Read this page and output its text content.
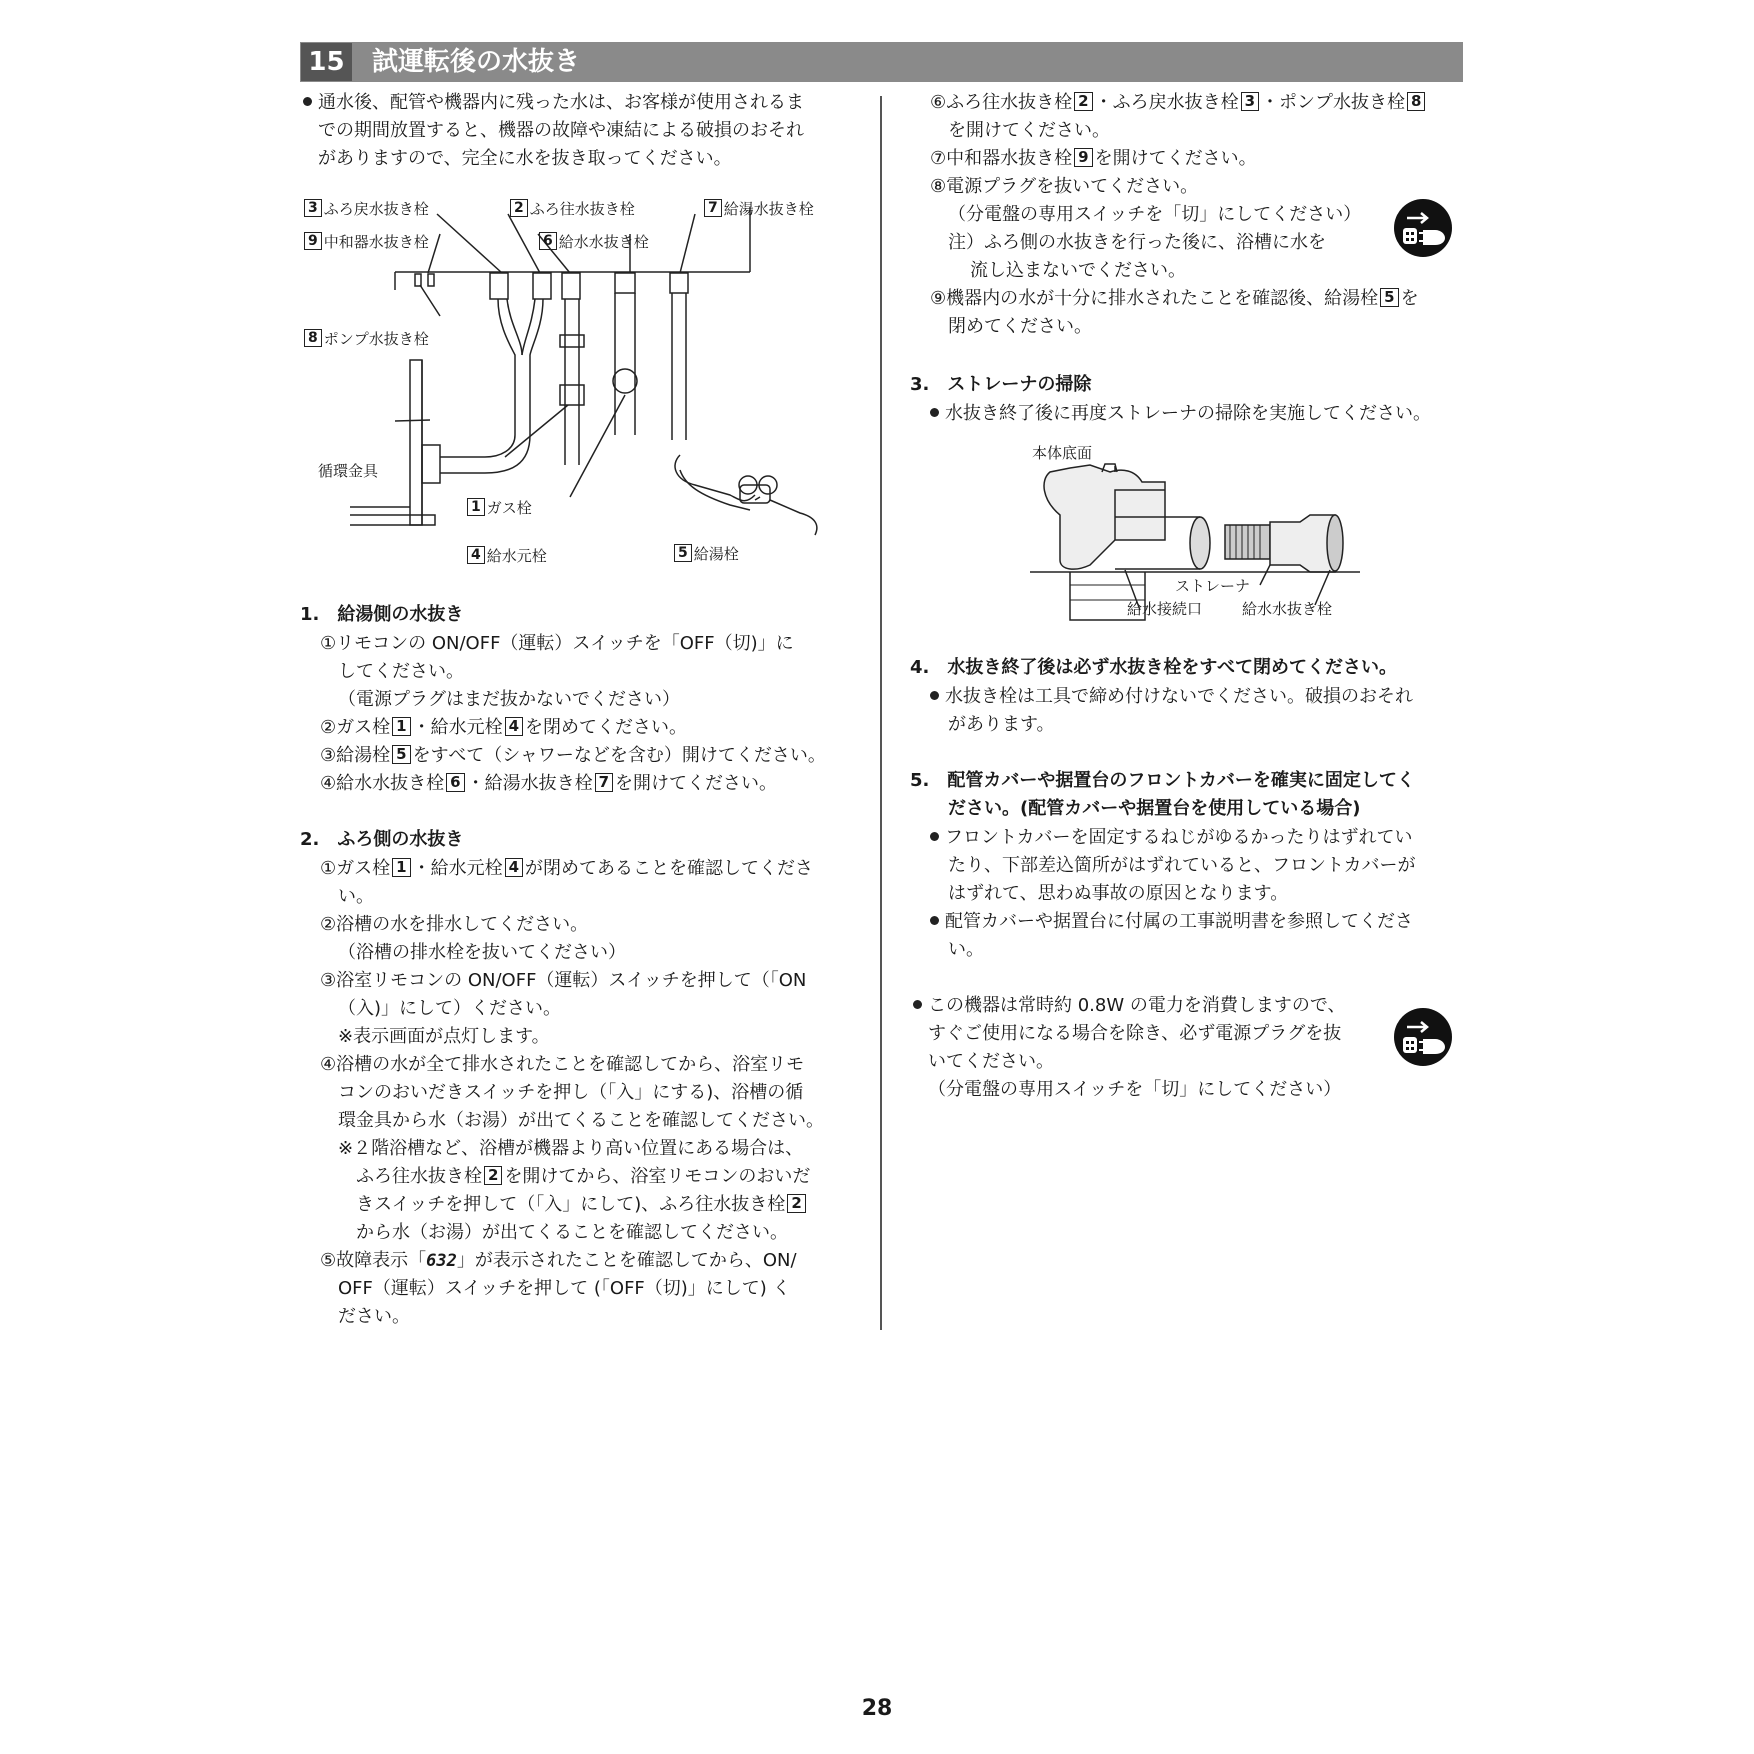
15 試運転後の水抜き
通水後、配管や機器内に残った水は、お客様が使用されるま
での期間放置すると、機器の故障や凍結による破損のおそれ
がありますので、完全に水を抜き取ってください。
3 ふろ戻水抜き栓	2 ふろ往水抜き栓	7 給湯水抜き栓
9 中和器水抜き栓	6 給水水抜き栓
8 ポンプ水抜き栓
循環金具
1 ガス栓
4 給水元栓	5 給湯栓
1.　給湯側の水抜き
①リモコンの ON/OFF（運転）スイッチを「OFF（切)」に
してください。
（電源プラグはまだ抜かないでください）
②ガス栓 1 ・給水元栓 4 を閉めてください。
③給湯栓 5 をすべて（シャワーなどを含む）開けてください。
④給水水抜き栓 6 ・給湯水抜き栓 7 を開けてください。
2.　ふろ側の水抜き
①ガス栓 1 ・給水元栓 4 が閉めてあることを確認してくださ
い。
②浴槽の水を排水してください。
（浴槽の排水栓を抜いてください）
③浴室リモコンの ON/OFF（運転）スイッチを押して（「ON
（入)」にして）ください。
※表示画面が点灯します。
④浴槽の水が全て排水されたことを確認してから、浴室リモ
コンのおいだきスイッチを押し（「入」にする)、浴槽の循
環金具から水（お湯）が出てくることを確認してください。
※２階浴槽など、浴槽が機器より高い位置にある場合は、
ふろ往水抜き栓 2 を開けてから、浴室リモコンのおいだ
きスイッチを押して（「入」にして)、ふろ往水抜き栓 2
から水（お湯）が出てくることを確認してください。
⑤故障表示「632」が表示されたことを確認してから、ON/
OFF（運転）スイッチを押して (「OFF（切)」にして) く
ださい。
⑥ふろ往水抜き栓 2 ・ふろ戻水抜き栓 3 ・ポンプ水抜き栓 8
を開けてください。
⑦中和器水抜き栓 9 を開けてください。
⑧電源プラグを抜いてください。
（分電盤の専用スイッチを「切」にしてください）
注）ふろ側の水抜きを行った後に、浴槽に水を
流し込まないでください。
⑨機器内の水が十分に排水されたことを確認後、給湯栓 5 を
閉めてください。
3.　ストレーナの掃除
水抜き終了後に再度ストレーナの掃除を実施してください。
本体底面
ストレーナ
給水接続口	給水水抜き栓
4.　水抜き終了後は必ず水抜き栓をすべて閉めてください。
水抜き栓は工具で締め付けないでください。破損のおそれ
があります。
5.　配管カバーや据置台のフロントカバーを確実に固定してく
ださい。(配管カバーや据置台を使用している場合)
フロントカバーを固定するねじがゆるかったりはずれてい
たり、下部差込箇所がはずれていると、フロントカバーが
はずれて、思わぬ事故の原因となります。
配管カバーや据置台に付属の工事説明書を参照してくださ
い。
この機器は常時約 0.8W の電力を消費しますので、
すぐご使用になる場合を除き、必ず電源プラグを抜
いてください。
（分電盤の専用スイッチを「切」にしてください）
28
